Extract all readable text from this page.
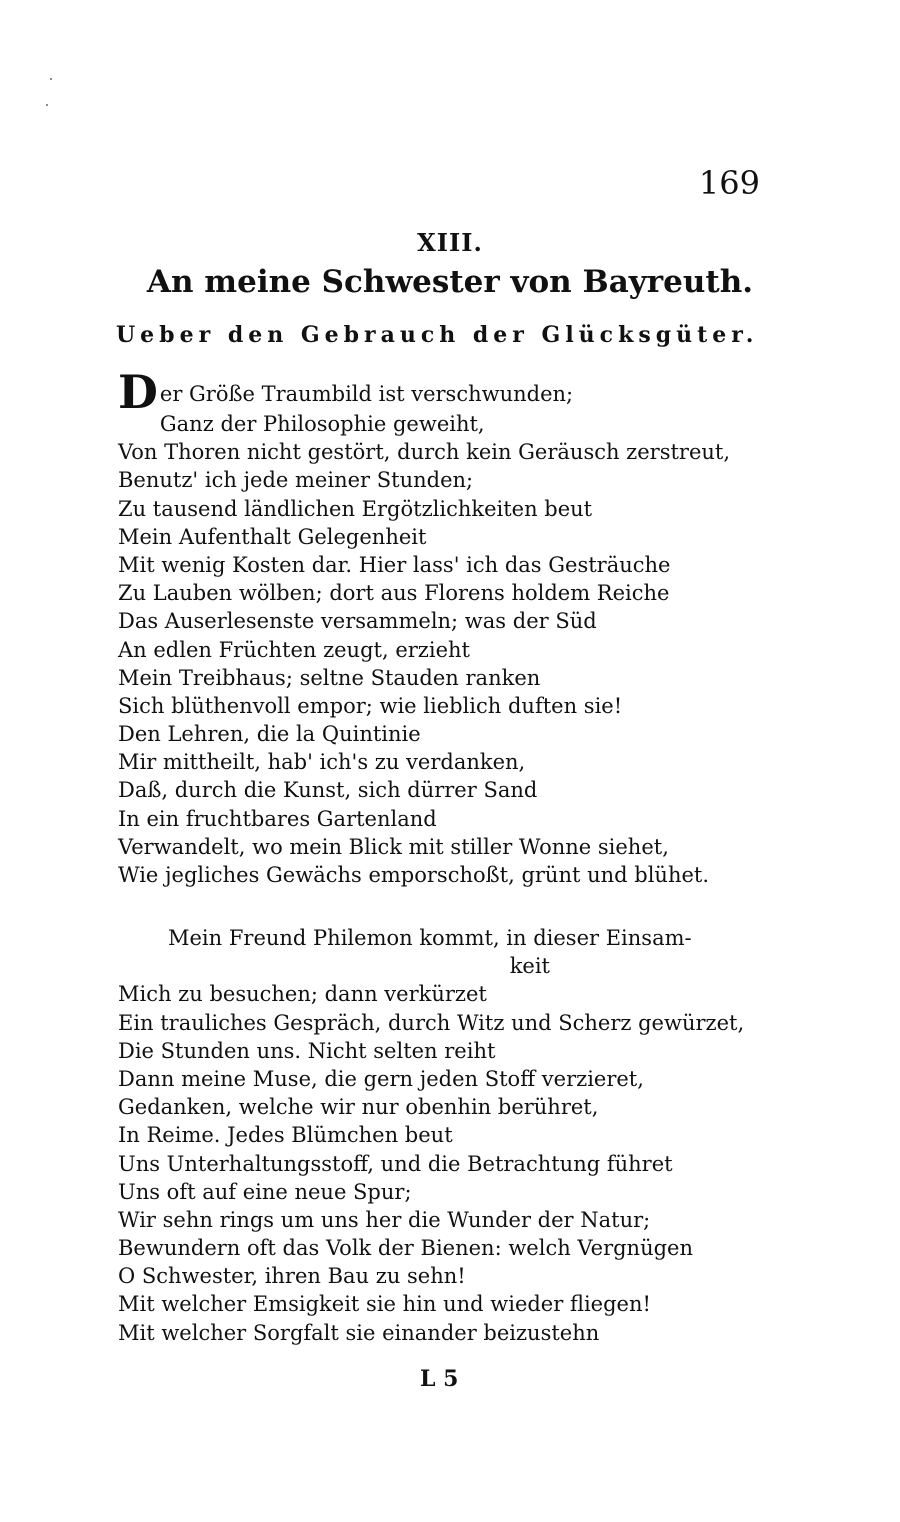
169
XIII.
An meine Schwester von Bayreuth.
Ueber den Gebrauch der Glücksgüter.
Der Größe Traumbild ist verschwunden;
Ganz der Philosophie geweiht,
Von Thoren nicht gestört, durch kein Geräusch zerstreut,
Benutz' ich jede meiner Stunden;
Zu tausend ländlichen Ergötzlichkeiten beut
Mein Aufenthalt Gelegenheit
Mit wenig Kosten dar. Hier lass' ich das Gesträuche
Zu Lauben wölben; dort aus Florens holdem Reiche
Das Auserlesenste versammeln; was der Süd
An edlen Früchten zeugt, erzieht
Mein Treibhaus; seltne Stauden ranken
Sich blüthenvoll empor; wie lieblich duften sie!
Den Lehren, die la Quintinie
Mir mittheilt, hab' ich's zu verdanken,
Daß, durch die Kunst, sich dürrer Sand
In ein fruchtbares Gartenland
Verwandelt, wo mein Blick mit stiller Wonne siehet,
Wie jegliches Gewächs emporschoßt, grünt und blühet.
Mein Freund Philemon kommt, in dieser Einsam-
keit
Mich zu besuchen; dann verkürzet
Ein trauliches Gespräch, durch Witz und Scherz gewürzet,
Die Stunden uns. Nicht selten reiht
Dann meine Muse, die gern jeden Stoff verzieret,
Gedanken, welche wir nur obenhin berühret,
In Reime. Jedes Blümchen beut
Uns Unterhaltungsstoff, und die Betrachtung führet
Uns oft auf eine neue Spur;
Wir sehn rings um uns her die Wunder der Natur;
Bewundern oft das Volk der Bienen: welch Vergnügen
O Schwester, ihren Bau zu sehn!
Mit welcher Emsigkeit sie hin und wieder fliegen!
Mit welcher Sorgfalt sie einander beizustehn
L 5
